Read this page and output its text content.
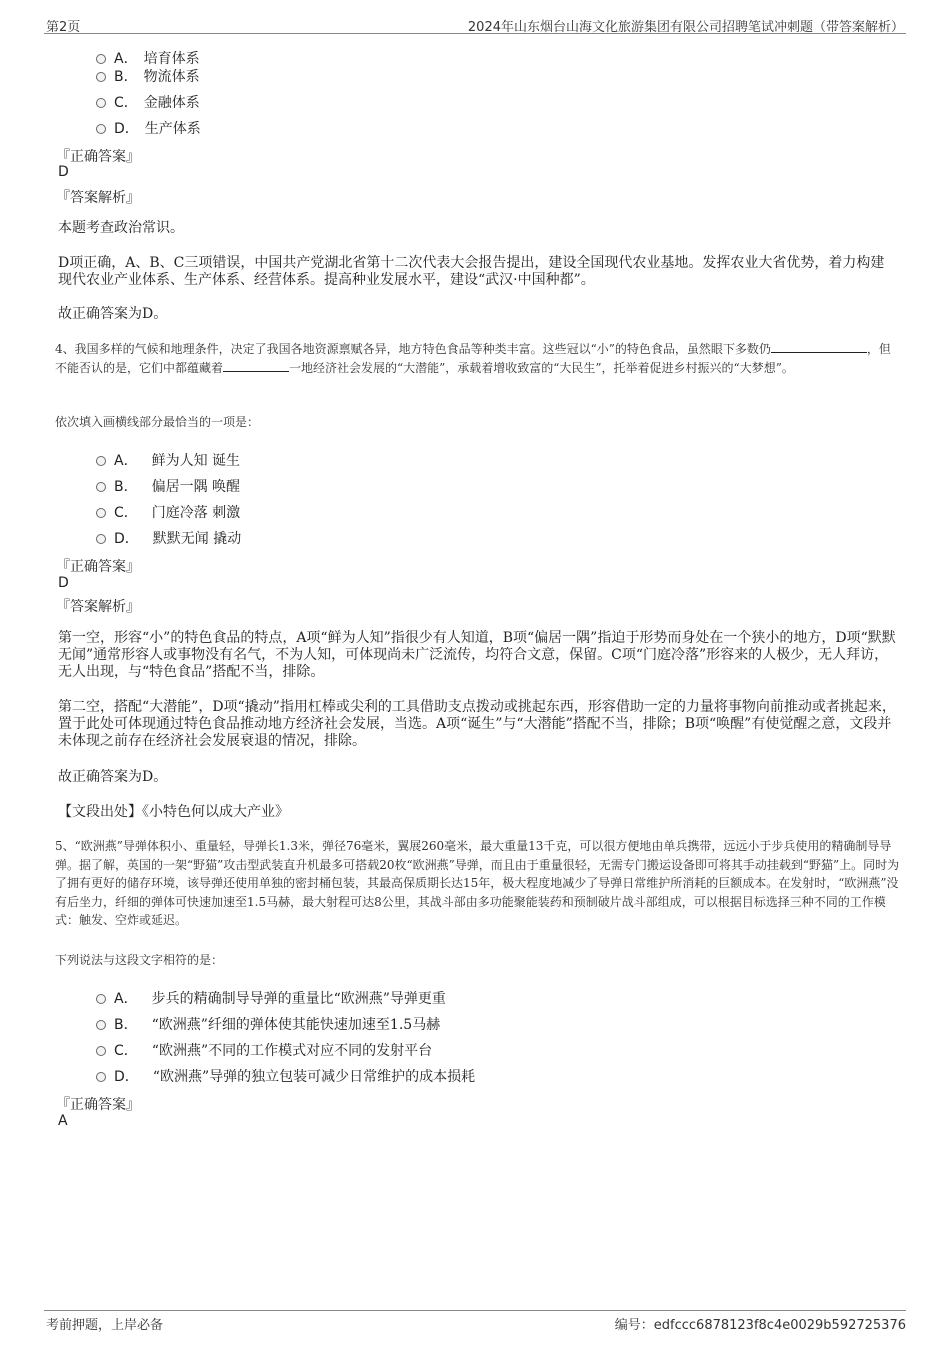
第2页	2024年山东烟台山海文化旅游集团有限公司招聘笔试冲刺题（带答案解析）
A． 培育体系
B． 物流体系
C． 金融体系
D． 生产体系
『正确答案』
D
『答案解析』
本题考查政治常识。
D项正确，A、B、C三项错误，中国共产党湖北省第十二次代表大会报告提出，建设全国现代农业基地。发挥农业大省优势，着力构建现代农业产业体系、生产体系、经营体系。提高种业发展水平，建设“武汉·中国种都”。
故正确答案为D。
4、我国多样的气候和地理条件，决定了我国各地资源禀赋各异，地方特色食品等种类丰富。这些冠以“小”的特色食品，虽然眼下多数仍	，但不能否认的是，它们中都蕴藏着	一地经济社会发展的“大潜能”，承载着增收致富的“大民生”，托举着促进乡村振兴的“大梦想”。
依次填入画横线部分最恰当的一项是：
A． 鲜为人知 诞生
B． 偏居一隅 唤醒
C． 门庭冷落 刺激
D． 默默无闻 撬动
『正确答案』
D
『答案解析』
第一空，形容“小”的特色食品的特点，A项“鲜为人知”指很少有人知道，B项“偏居一隅”指迫于形势而身处在一个狭小的地方，D项“默默无闻”通常形容人或事物没有名气，不为人知，可体现尚未广泛流传，均符合文意，保留。C项“门庭冷落”形容来的人极少，无人拜访，无人出现，与“特色食品”搭配不当，排除。
第二空，搭配“大潜能”，D项“撬动”指用杠棒或尖利的工具借助支点拨动或挑起东西，形容借助一定的力量将事物向前推动或者挑起来，置于此处可体现通过特色食品推动地方经济社会发展，当选。A项“诞生”与“大潜能”搭配不当，排除；B项“唤醒”有使觉醒之意，文段并未体现之前存在经济社会发展衰退的情况，排除。
故正确答案为D。
【文段出处】《小特色何以成大产业》
5、“欧洲燕”导弹体积小、重量轻，导弹长1.3米，弹径76毫米，翼展260毫米，最大重量13千克，可以很方便地由单兵携带，远远小于步兵使用的精确制导导弹。据了解，英国的一架“野猫”攻击型武装直升机最多可搭载20枚“欧洲燕”导弹，而且由于重量很轻，无需专门搬运设备即可将其手动挂载到“野猫”上。同时为了拥有更好的储存环境，该导弹还使用单独的密封桶包装，其最高保质期长达15年，极大程度地减少了导弹日常维护所消耗的巨额成本。在发射时，“欧洲燕”没有后坐力，纤细的弹体可快速加速至1.5马赫，最大射程可达8公里，其战斗部由多功能聚能装药和预制破片战斗部组成，可以根据目标选择三种不同的工作模式：触发、空炸或延迟。
下列说法与这段文字相符的是：
A． 步兵的精确制导导弹的重量比“欧洲燕”导弹更重
B． “欧洲燕”纤细的弹体使其能快速加速至1.5马赫
C． “欧洲燕”不同的工作模式对应不同的发射平台
D． “欧洲燕”导弹的独立包装可减少日常维护的成本损耗
『正确答案』
A
考前押题，上岸必备	编号：edfccc6878123f8c4e0029b592725376
